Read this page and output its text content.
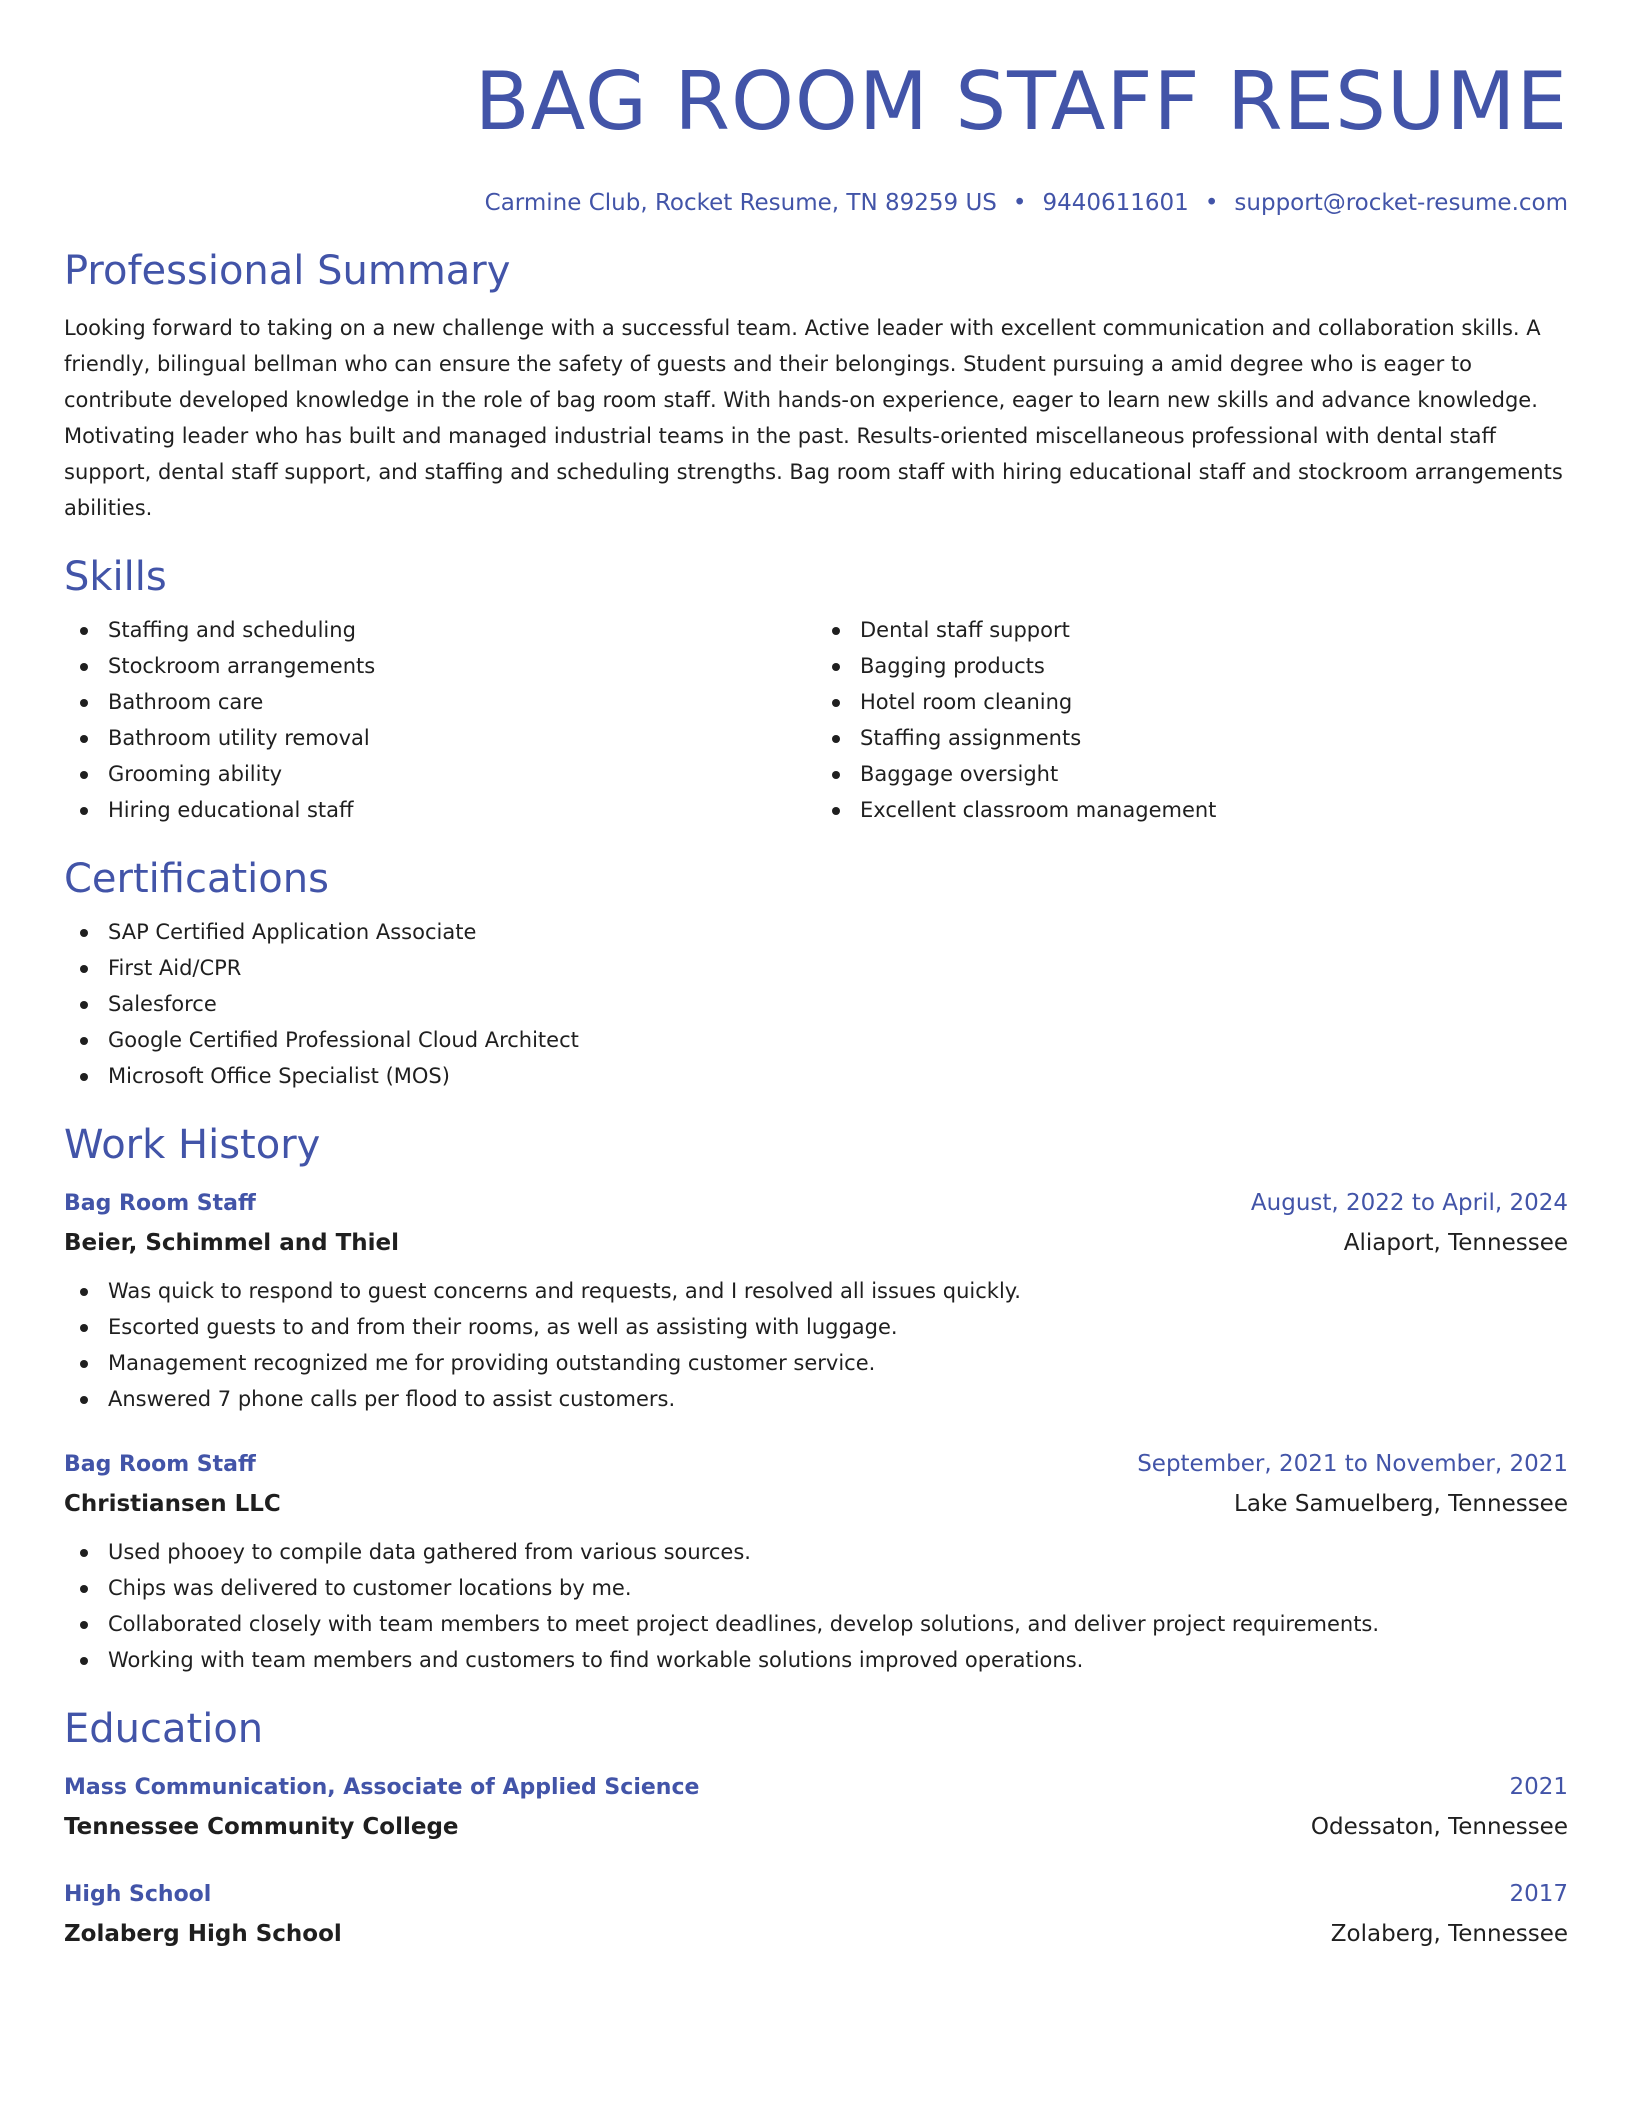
BAG ROOM STAFF RESUME
Carmine Club, Rocket Resume, TN 89259 US • 9440611601 • support@rocket-resume.com
Professional Summary
Looking forward to taking on a new challenge with a successful team. Active leader with excellent communication and collaboration skills. A friendly, bilingual bellman who can ensure the safety of guests and their belongings. Student pursuing a amid degree who is eager to contribute developed knowledge in the role of bag room staff. With hands-on experience, eager to learn new skills and advance knowledge. Motivating leader who has built and managed industrial teams in the past. Results-oriented miscellaneous professional with dental staff support, dental staff support, and staffing and scheduling strengths. Bag room staff with hiring educational staff and stockroom arrangements abilities.
Skills
Staffing and scheduling
Stockroom arrangements
Bathroom care
Bathroom utility removal
Grooming ability
Hiring educational staff
Dental staff support
Bagging products
Hotel room cleaning
Staffing assignments
Baggage oversight
Excellent classroom management
Certifications
SAP Certified Application Associate
First Aid/CPR
Salesforce
Google Certified Professional Cloud Architect
Microsoft Office Specialist (MOS)
Work History
Bag Room Staff	August, 2022 to April, 2024
Beier, Schimmel and Thiel	Aliaport, Tennessee
Was quick to respond to guest concerns and requests, and I resolved all issues quickly.
Escorted guests to and from their rooms, as well as assisting with luggage.
Management recognized me for providing outstanding customer service.
Answered 7 phone calls per flood to assist customers.
Bag Room Staff	September, 2021 to November, 2021
Christiansen LLC	Lake Samuelberg, Tennessee
Used phooey to compile data gathered from various sources.
Chips was delivered to customer locations by me.
Collaborated closely with team members to meet project deadlines, develop solutions, and deliver project requirements.
Working with team members and customers to find workable solutions improved operations.
Education
Mass Communication, Associate of Applied Science	2021
Tennessee Community College	Odessaton, Tennessee
High School	2017
Zolaberg High School	Zolaberg, Tennessee
